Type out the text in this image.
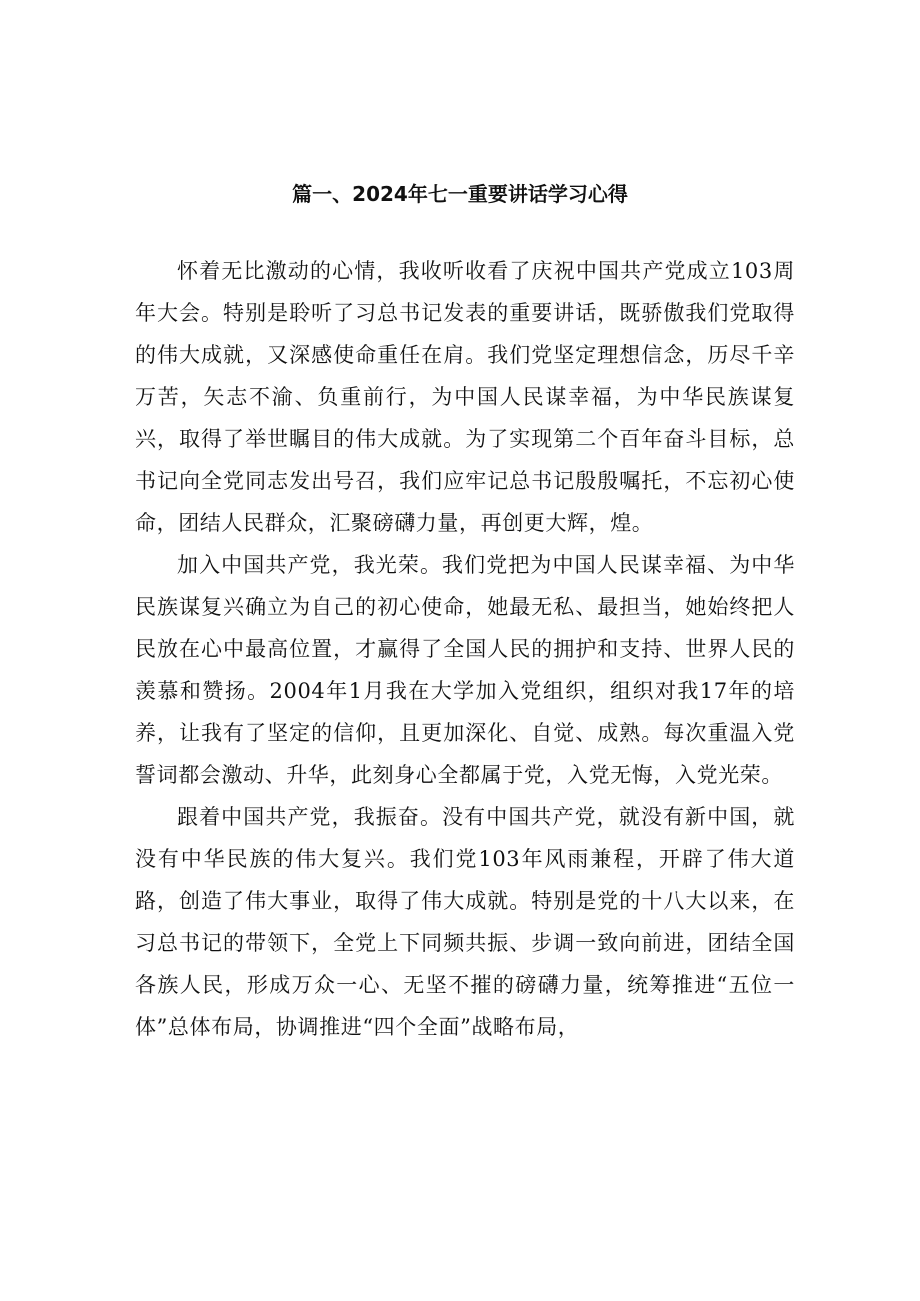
篇一、2024年七一重要讲话学习心得

怀着无比激动的心情，我收听收看了庆祝中国共产党成立103周年大会。特别是聆听了习总书记发表的重要讲话，既骄傲我们党取得的伟大成就，又深感使命重任在肩。我们党坚定理想信念，历尽千辛万苦，矢志不渝、负重前行，为中国人民谋幸福，为中华民族谋复兴，取得了举世瞩目的伟大成就。为了实现第二个百年奋斗目标，总书记向全党同志发出号召，我们应牢记总书记殷殷嘱托，不忘初心使命，团结人民群众，汇聚磅礴力量，再创更大辉，煌。

加入中国共产党，我光荣。我们党把为中国人民谋幸福、为中华民族谋复兴确立为自己的初心使命，她最无私、最担当，她始终把人民放在心中最高位置，才赢得了全国人民的拥护和支持、世界人民的羡慕和赞扬。2004年1月我在大学加入党组织，组织对我17年的培养，让我有了坚定的信仰，且更加深化、自觉、成熟。每次重温入党誓词都会激动、升华，此刻身心全都属于党，入党无悔，入党光荣。

跟着中国共产党，我振奋。没有中国共产党，就没有新中国，就没有中华民族的伟大复兴。我们党103年风雨兼程，开辟了伟大道路，创造了伟大事业，取得了伟大成就。特别是党的十八大以来，在习总书记的带领下，全党上下同频共振、步调一致向前进，团结全国各族人民，形成万众一心、无坚不摧的磅礴力量，统筹推进“五位一体”总体布局，协调推进“四个全面”战略布局，
